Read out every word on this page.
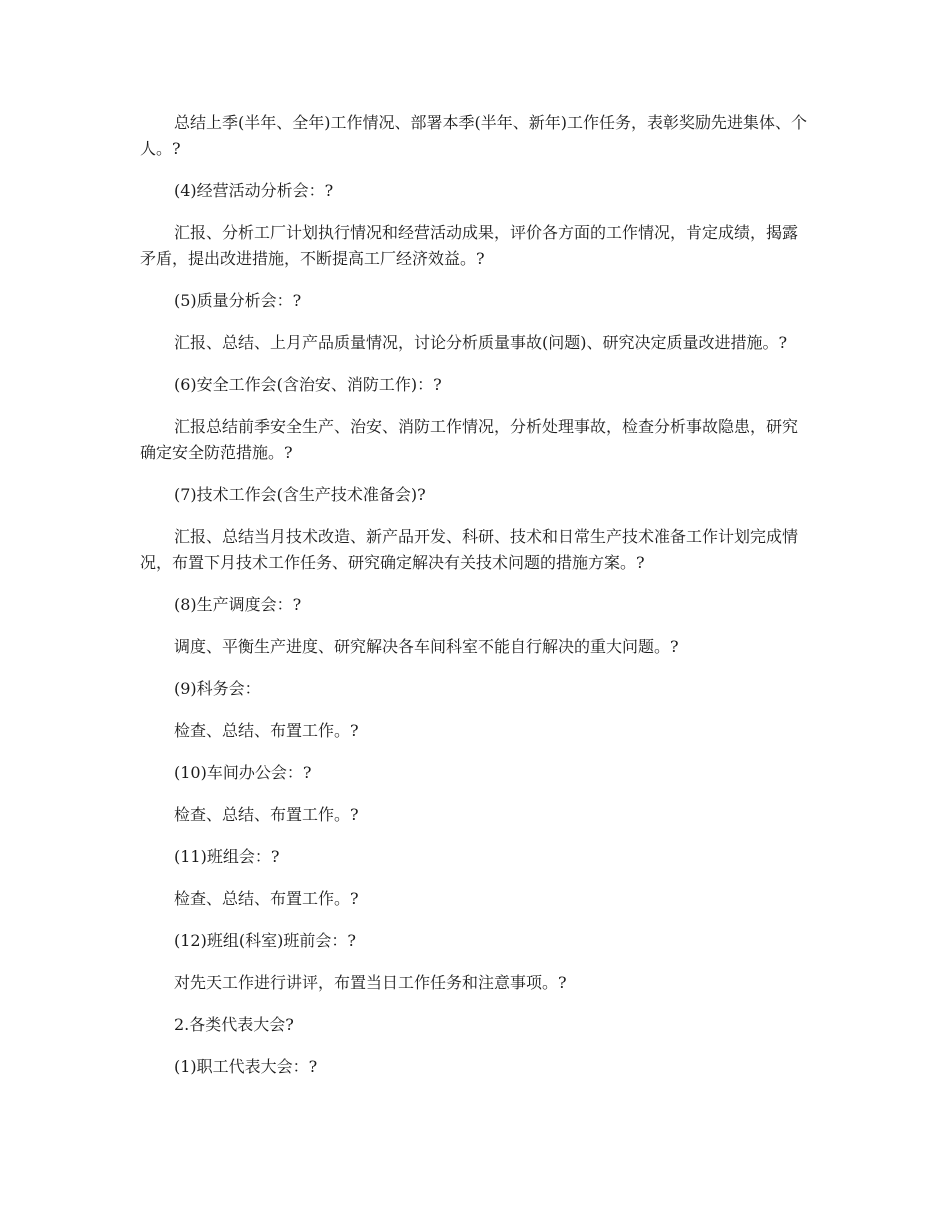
总结上季(半年、全年)工作情况、部署本季(半年、新年)工作任务，表彰奖励先进集体、个人。?

(4)经营活动分析会：?

汇报、分析工厂计划执行情况和经营活动成果，评价各方面的工作情况，肯定成绩，揭露矛盾，提出改进措施，不断提高工厂经济效益。?

(5)质量分析会：?

汇报、总结、上月产品质量情况，讨论分析质量事故(问题)、研究决定质量改进措施。?

(6)安全工作会(含治安、消防工作)：?

汇报总结前季安全生产、治安、消防工作情况，分析处理事故，检查分析事故隐患，研究确定安全防范措施。?

(7)技术工作会(含生产技术准备会)?

汇报、总结当月技术改造、新产品开发、科研、技术和日常生产技术准备工作计划完成情况，布置下月技术工作任务、研究确定解决有关技术问题的措施方案。?

(8)生产调度会：?

调度、平衡生产进度、研究解决各车间科室不能自行解决的重大问题。?

(9)科务会：

检查、总结、布置工作。?

(10)车间办公会：?

检查、总结、布置工作。?

(11)班组会：?

检查、总结、布置工作。?

(12)班组(科室)班前会：?

对先天工作进行讲评，布置当日工作任务和注意事项。?

2.各类代表大会?

(1)职工代表大会：?
